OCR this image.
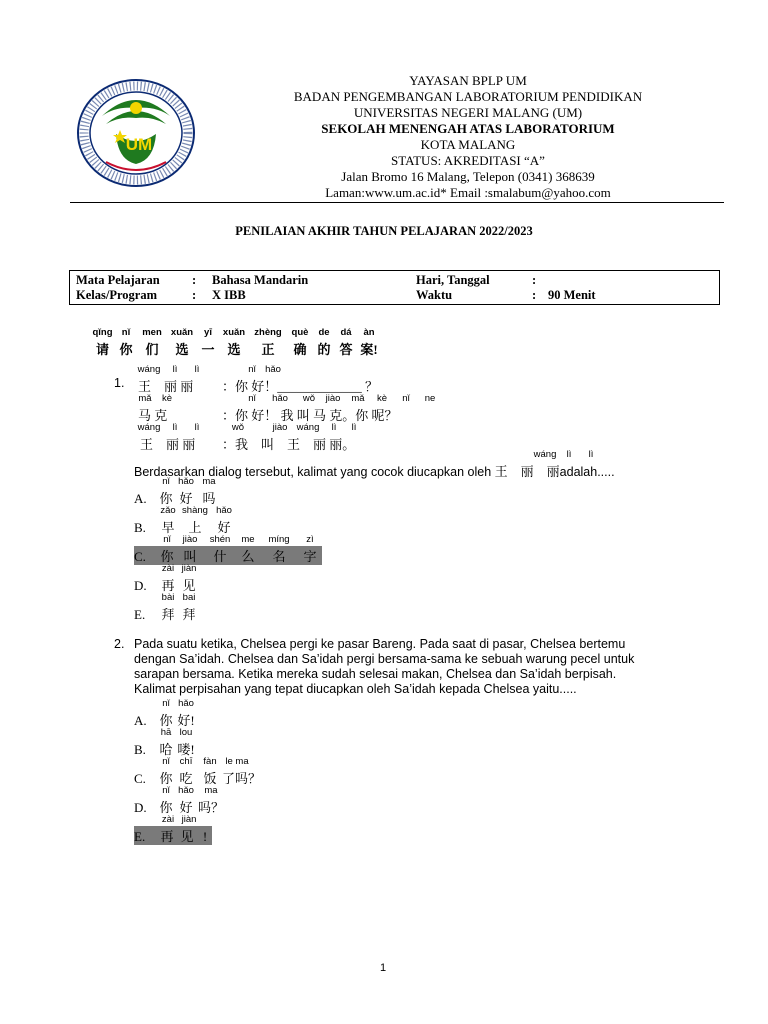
UM
YAYASAN BPLP UM
BADAN PENGEMBANGAN LABORATORIUM PENDIDIKAN
UNIVERSITAS NEGERI MALANG (UM)
SEKOLAH MENENGAH ATAS LABORATORIUM
KOTA MALANG
STATUS: AKREDITASI “A”
Jalan Bromo 16 Malang, Telepon (0341) 368639
Laman:www.um.ac.id* Email :smalabum@yahoo.com
PENILAIAN AKHIR TAHUN PELAJARAN 2022/2023
Mata Pelajaran	: Bahasa Mandarin	Hari, Tanggal	:
Kelas/Program	: X IBB	Waktu	: 90 Menit
qǐng nǐ men xuǎn yī xuǎn zhèng què de dá àn
请 你 们 选 一 选 正 确 的 答 案!
1.
wáng lì lì	nǐ hǎo
王　丽 丽 ：你 好！_____________ ？
mǎ kè	nǐ hǎo wǒ jiào mǎ kè nǐ ne
马 克	：你 好！ 我 叫 马 克。你 呢？
wáng lì lì	wǒ	jiào wáng lì lì
王　丽 丽 ：我　叫　王　丽 丽。
wáng lì lì
Berdasarkan dialog tersebut, kalimat yang cocok diucapkan oleh 王　丽　丽adalah.....
nǐ hǎo ma
A. 你 好 吗
zǎo shàng hǎo
B. 早 上 好
nǐ jiào shén me míng zì
C. 你 叫 什 么 名 字
zài jiàn
D. 再 见
bài bai
E. 拜 拜
2. Pada suatu ketika, Chelsea pergi ke pasar Bareng. Pada saat di pasar, Chelsea bertemu
dengan Sa’idah. Chelsea dan Sa’idah pergi bersama-sama ke sebuah warung pecel untuk
sarapan bersama. Ketika mereka sudah selesai makan, Chelsea dan Sa’idah berpisah.
Kalimat perpisahan yang tepat diucapkan oleh Sa’idah kepada Chelsea yaitu.....
nǐ hǎo
A. 你 好!
hā lou
B. 哈 喽!
nǐ chī fàn le ma
C. 你 吃 饭 了吗？
nǐ hǎo ma
D. 你 好 吗？
zài jiàn
E. 再 见 !
1
